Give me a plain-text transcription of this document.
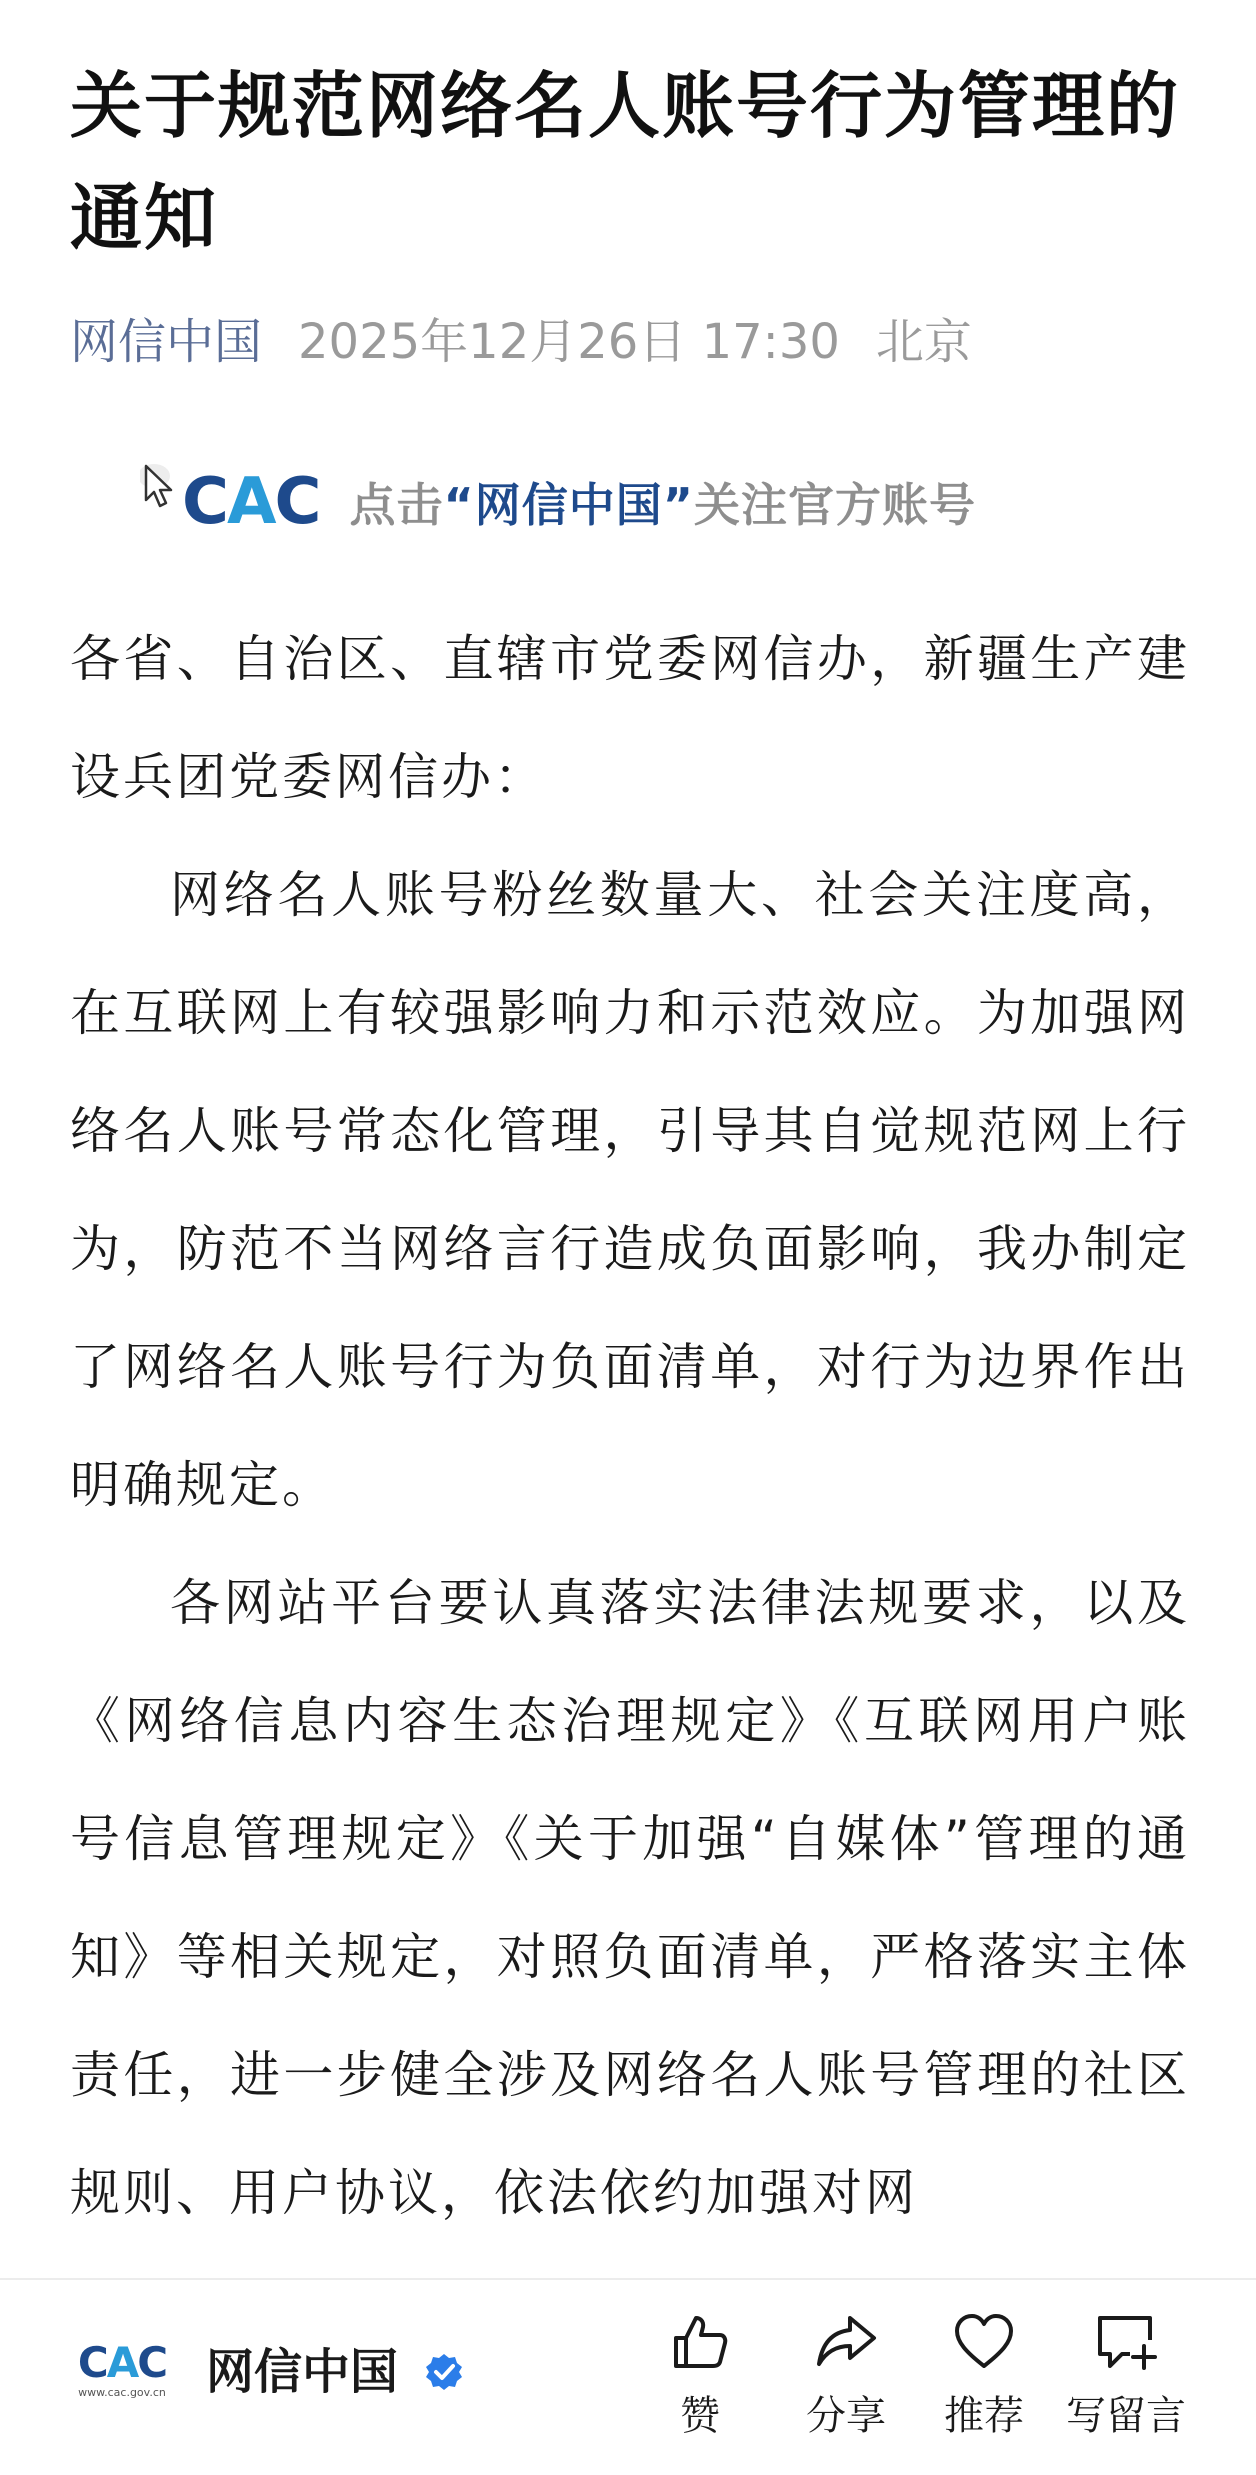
关于规范网络名人账号行为管理的通知
网信中国 2025年12月26日 17:30 北京
CAC 点击“网信中国”关注官方账号

各省、自治区、直辖市党委网信办，新疆生产建设兵团党委网信办：

网络名人账号粉丝数量大、社会关注度高，在互联网上有较强影响力和示范效应。为加强网络名人账号常态化管理，引导其自觉规范网上行为，防范不当网络言行造成负面影响，我办制定了网络名人账号行为负面清单，对行为边界作出明确规定。

各网站平台要认真落实法律法规要求，以及《网络信息内容生态治理规定》《互联网用户账号信息管理规定》《关于加强“自媒体”管理的通知》等相关规定，对照负面清单，严格落实主体责任，进一步健全涉及网络名人账号管理的社区规则、用户协议，依法依约加强对网

CAC
www.cac.gov.cn 网信中国
赞	分享	推荐	写留言
